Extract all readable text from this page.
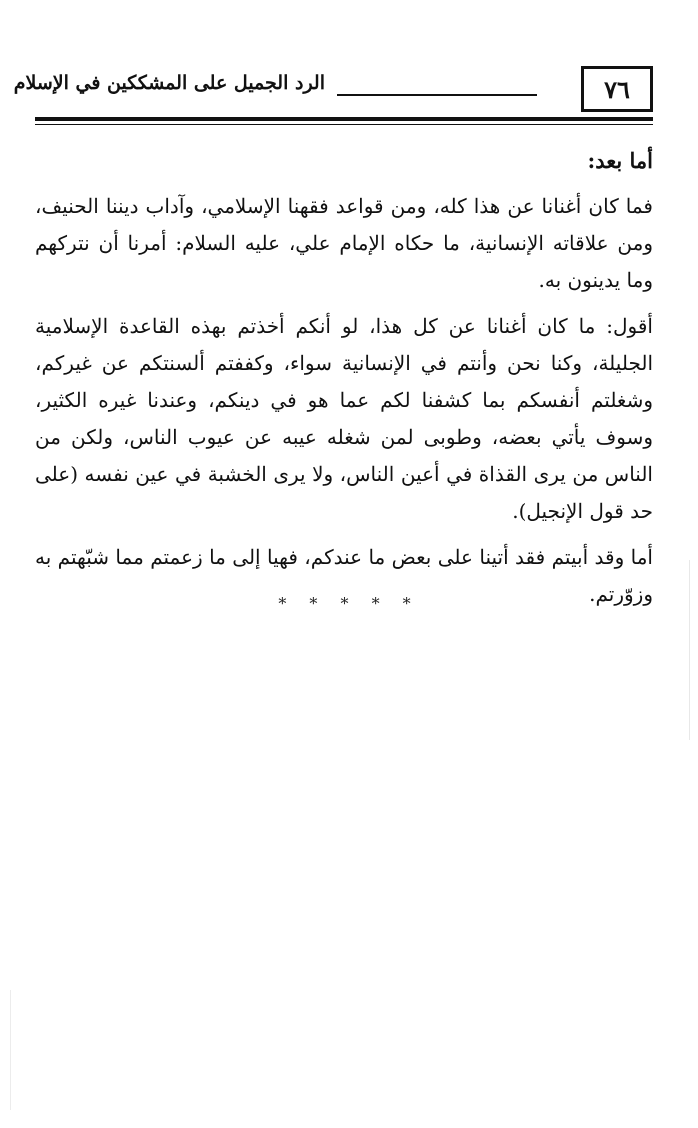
الرد الجميل على المشككين في الإسلام	٧٦

أما بعد:

فما كان أغنانا عن هذا كله، ومن قواعد فقهنا الإسلامي، وآداب ديننا الحنيف، ومن علاقاته الإنسانية، ما حكاه الإمام علي، عليه السلام: أمرنا أن نتركهم وما يدينون به.

أقول: ما كان أغنانا عن كل هذا، لو أنكم أخذتم بهذه القاعدة الإسلامية الجليلة، وكنا نحن وأنتم في الإنسانية سواء، وكففتم ألسنتكم عن غيركم، وشغلتم أنفسكم بما كشفنا لكم عما هو في دينكم، وعندنا غيره الكثير، وسوف يأتي بعضه، وطوبى لمن شغله عيبه عن عيوب الناس، ولكن من الناس من يرى القذاة في أعين الناس، ولا يرى الخشبة في عين نفسه (على حد قول الإنجيل).

أما وقد أبيتم فقد أتينا على بعض ما عندكم، فهيا إلى ما زعمتم مما شبّهتم به وزوّرتم.

* * * * *
